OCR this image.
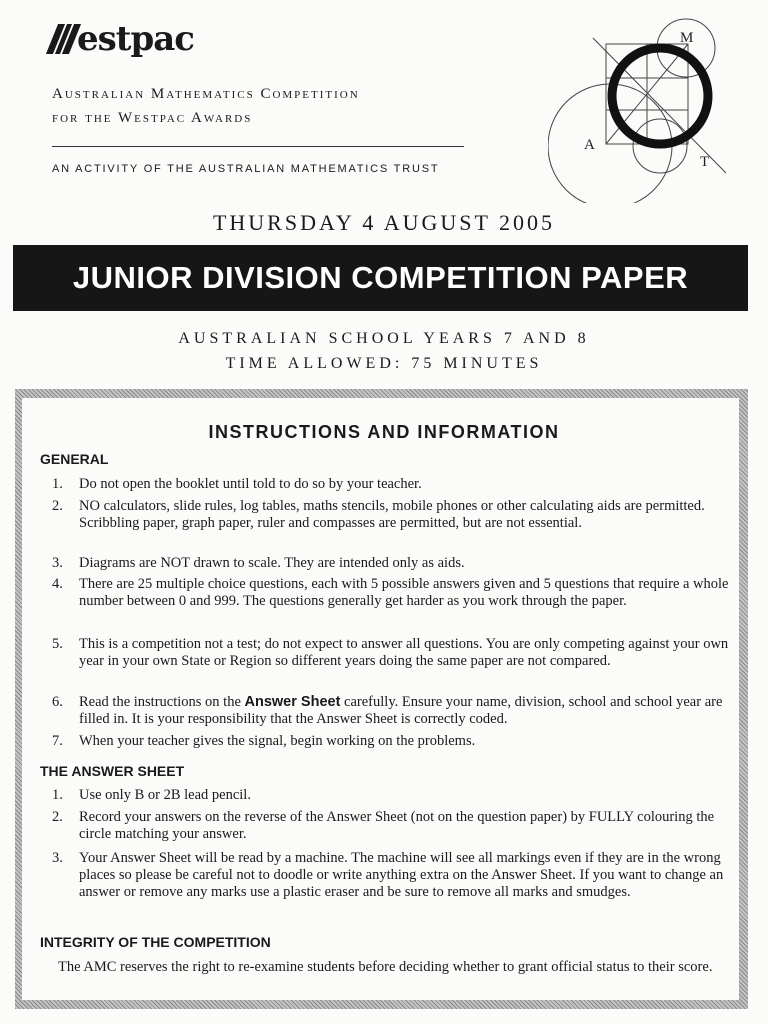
estpac
Australian Mathematics Competition
for the Westpac Awards
AN ACTIVITY OF THE AUSTRALIAN MATHEMATICS TRUST
M
A
T
THURSDAY 4 AUGUST 2005
JUNIOR DIVISION COMPETITION PAPER
AUSTRALIAN SCHOOL YEARS 7 AND 8
TIME ALLOWED: 75 MINUTES
INSTRUCTIONS AND INFORMATION
GENERAL
1.	Do not open the booklet until told to do so by your teacher.
2.	NO calculators, slide rules, log tables, maths stencils, mobile phones or other calculating aids are permitted. Scribbling paper, graph paper, ruler and compasses are permitted, but are not essential.
3.	Diagrams are NOT drawn to scale. They are intended only as aids.
4.	There are 25 multiple choice questions, each with 5 possible answers given and 5 questions that require a whole number between 0 and 999. The questions generally get harder as you work through the paper.
5.	This is a competition not a test; do not expect to answer all questions. You are only competing against your own year in your own State or Region so different years doing the same paper are not compared.
6.	Read the instructions on the Answer Sheet carefully. Ensure your name, division, school and school year are filled in. It is your responsibility that the Answer Sheet is correctly coded.
7.	When your teacher gives the signal, begin working on the problems.
THE ANSWER SHEET
1.	Use only B or 2B lead pencil.
2.	Record your answers on the reverse of the Answer Sheet (not on the question paper) by FULLY colouring the circle matching your answer.
3.	Your Answer Sheet will be read by a machine. The machine will see all markings even if they are in the wrong places so please be careful not to doodle or write anything extra on the Answer Sheet. If you want to change an answer or remove any marks use a plastic eraser and be sure to remove all marks and smudges.
INTEGRITY OF THE COMPETITION
The AMC reserves the right to re-examine students before deciding whether to grant official status to their score.
